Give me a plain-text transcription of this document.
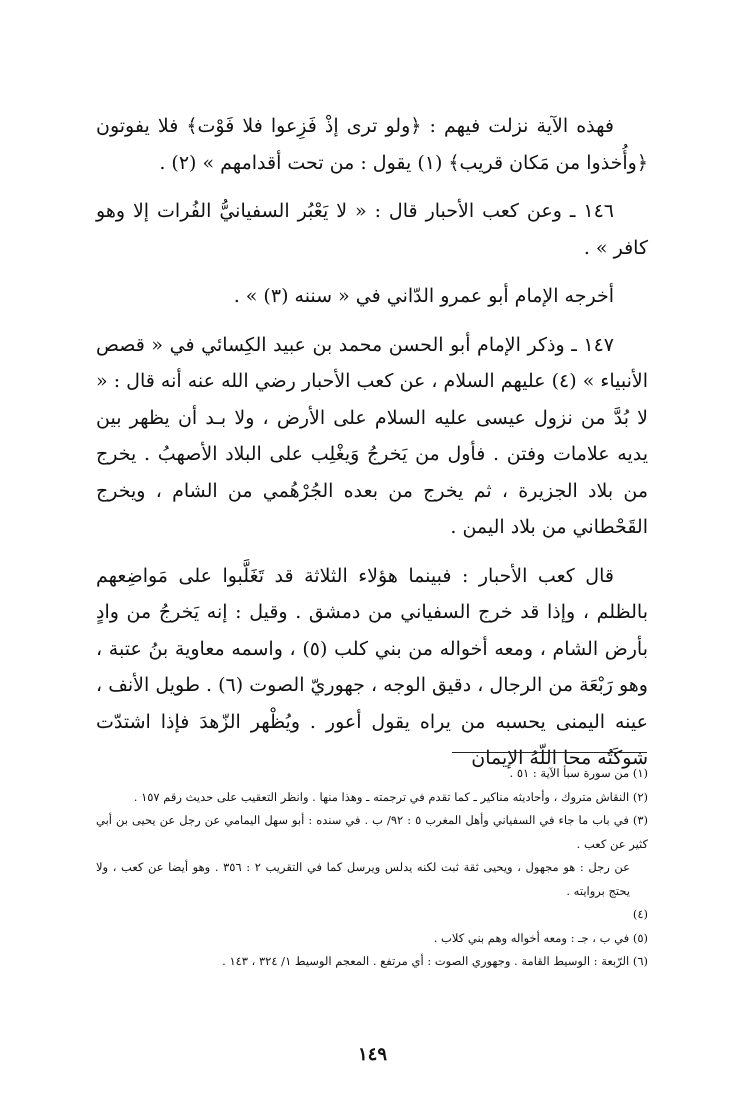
فهذه الآية نزلت فيهم : ﴿ولو ترى إذْ فَزِعوا فلا فَوْت﴾ فلا يفوتون ﴿وأُخذوا من مَكان قريب﴾ (١) يقول : من تحت أقدامهم » (٢) .

١٤٦ ـ وعن كعب الأحبار قال : « لا يَعْبُر السفيانيُّ الفُرات إلا وهو كافر » .

أخرجه الإمام أبو عمرو الدّاني في « سننه (٣) » .

١٤٧ ـ وذكر الإمام أبو الحسن محمد بن عبيد الكِسائي في « قصص الأنبياء » (٤) عليهم السلام ، عن كعب الأحبار رضي الله عنه أنه قال : « لا بُدَّ من نزول عيسى عليه السلام على الأرض ، ولا بـد أن يظهر بين يديه علامات وفتن . فأول من يَخرجُ وَيغْلِب على البلاد الأصهبُ . يخرج من بلاد الجزيرة ، ثم يخرج من بعده الجُرْهُمي من الشام ، ويخرج القَحْطاني من بلاد اليمن .

قال كعب الأحبار : فبينما هؤلاء الثلاثة قد تَغَلَّبوا على مَواضِعهم بالظلم ، وإذا قد خرج السفياني من دمشق . وقيل : إنه يَخرجُ من وادٍ بأرض الشام ، ومعه أخواله من بني كلب (٥) ، واسمه معاوية بنُ عتبة ، وهو رَبْعَة من الرجال ، دقيق الوجه ، جهوريّ الصوت (٦) . طويل الأنف ، عينه اليمنى يحسبه من يراه يقول أعور . ويُظْهر الزّهدَ فإذا اشتدّت شوكَتُه محا اللّهُ الإيمان

(١) من سورة سبأ الآية : ٥١ .

(٢) النقاش متروك ، وأحاديثه مناكير ـ كما تقدم في ترجمته ـ وهذا منها . وانظر التعقيب على حديث رقم ١٥٧ .

(٣) في باب ما جاء في السفياني وأهل المغرب ٥ : ٩٢/ ب . في سنده : أبو سهل اليمامي عن رجل عن يحيى بن أبي كثير عن كعب .

عن رجل : هو مجهول ، ويحيى ثقة ثبت لكنه يدلس ويرسل كما في التقريب ٢ : ٣٥٦ . وهو أيضا عن كعب ، ولا يحتج بروايته .

(٤)

(٥) في ب ، جـ : ومعه أخواله وهم بني كلاب .

(٦) الرّبعة : الوسيط القامة . وجهوري الصوت : أي مرتفع . المعجم الوسيط ١/ ٣٢٤ ، ١٤٣ .

١٤٩
